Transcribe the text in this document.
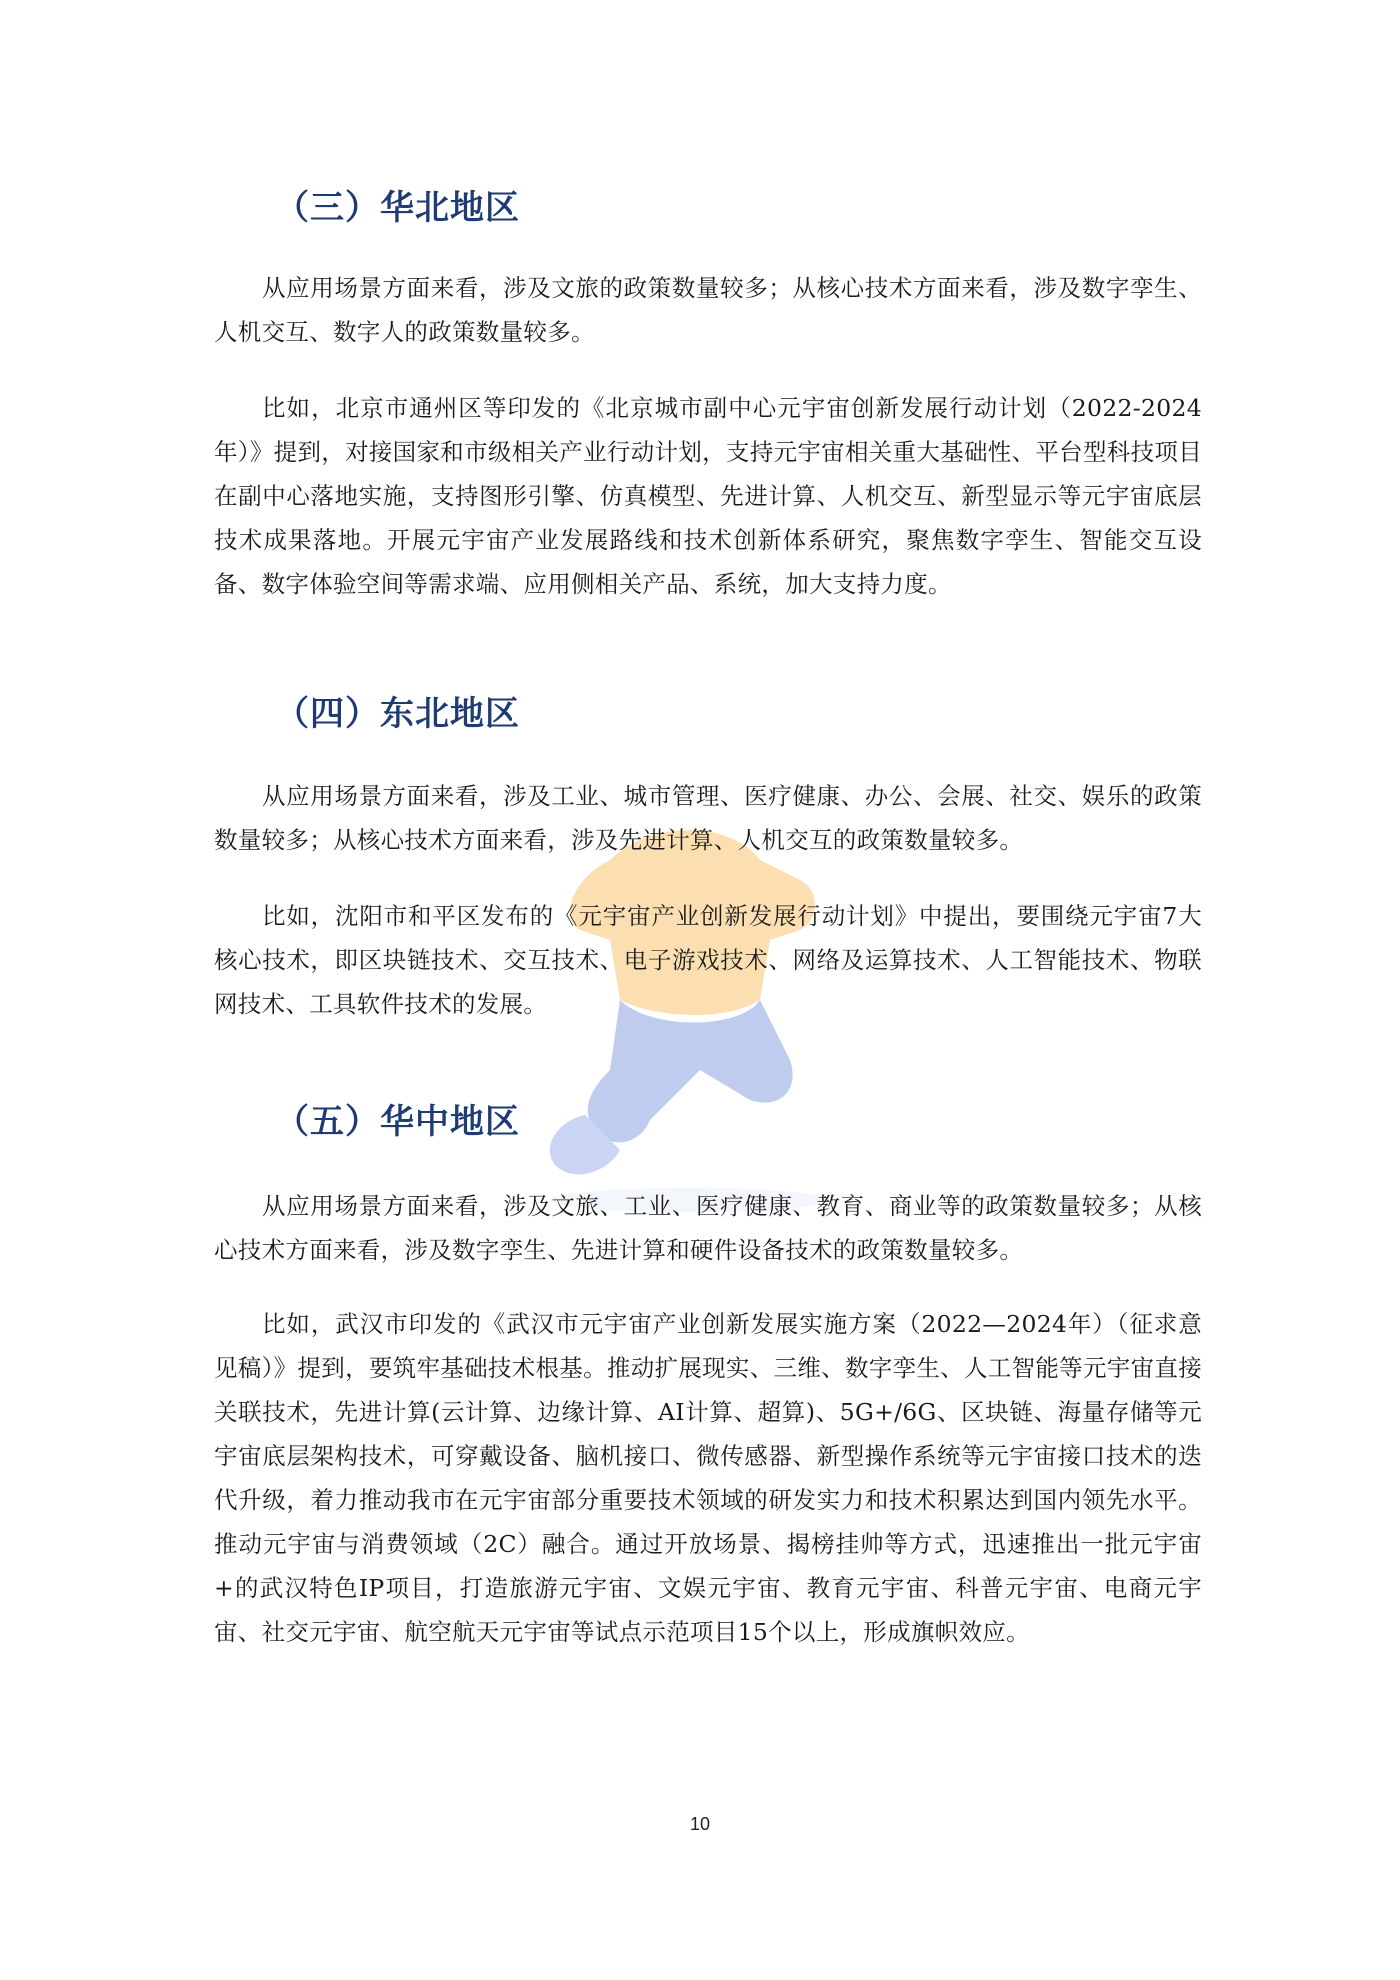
（三）华北地区

从应用场景方面来看，涉及文旅的政策数量较多；从核心技术方面来看，涉及数字孪生、人机交互、数字人的政策数量较多。

比如，北京市通州区等印发的《北京城市副中心元宇宙创新发展行动计划（2022-2024年）》提到，对接国家和市级相关产业行动计划，支持元宇宙相关重大基础性、平台型科技项目在副中心落地实施，支持图形引擎、仿真模型、先进计算、人机交互、新型显示等元宇宙底层技术成果落地。开展元宇宙产业发展路线和技术创新体系研究，聚焦数字孪生、智能交互设备、数字体验空间等需求端、应用侧相关产品、系统，加大支持力度。

（四）东北地区

从应用场景方面来看，涉及工业、城市管理、医疗健康、办公、会展、社交、娱乐的政策数量较多；从核心技术方面来看，涉及先进计算、人机交互的政策数量较多。

比如，沈阳市和平区发布的《元宇宙产业创新发展行动计划》中提出，要围绕元宇宙7大核心技术，即区块链技术、交互技术、电子游戏技术、网络及运算技术、人工智能技术、物联网技术、工具软件技术的发展。

（五）华中地区

从应用场景方面来看，涉及文旅、工业、医疗健康、教育、商业等的政策数量较多；从核心技术方面来看，涉及数字孪生、先进计算和硬件设备技术的政策数量较多。

比如，武汉市印发的《武汉市元宇宙产业创新发展实施方案（2022—2024年）（征求意见稿）》提到，要筑牢基础技术根基。推动扩展现实、三维、数字孪生、人工智能等元宇宙直接关联技术，先进计算(云计算、边缘计算、AI计算、超算)、5G+/6G、区块链、海量存储等元宇宙底层架构技术，可穿戴设备、脑机接口、微传感器、新型操作系统等元宇宙接口技术的迭代升级，着力推动我市在元宇宙部分重要技术领域的研发实力和技术积累达到国内领先水平。推动元宇宙与消费领域（2C）融合。通过开放场景、揭榜挂帅等方式，迅速推出一批元宇宙+的武汉特色IP项目，打造旅游元宇宙、文娱元宇宙、教育元宇宙、科普元宇宙、电商元宇宙、社交元宇宙、航空航天元宇宙等试点示范项目15个以上，形成旗帜效应。

10
